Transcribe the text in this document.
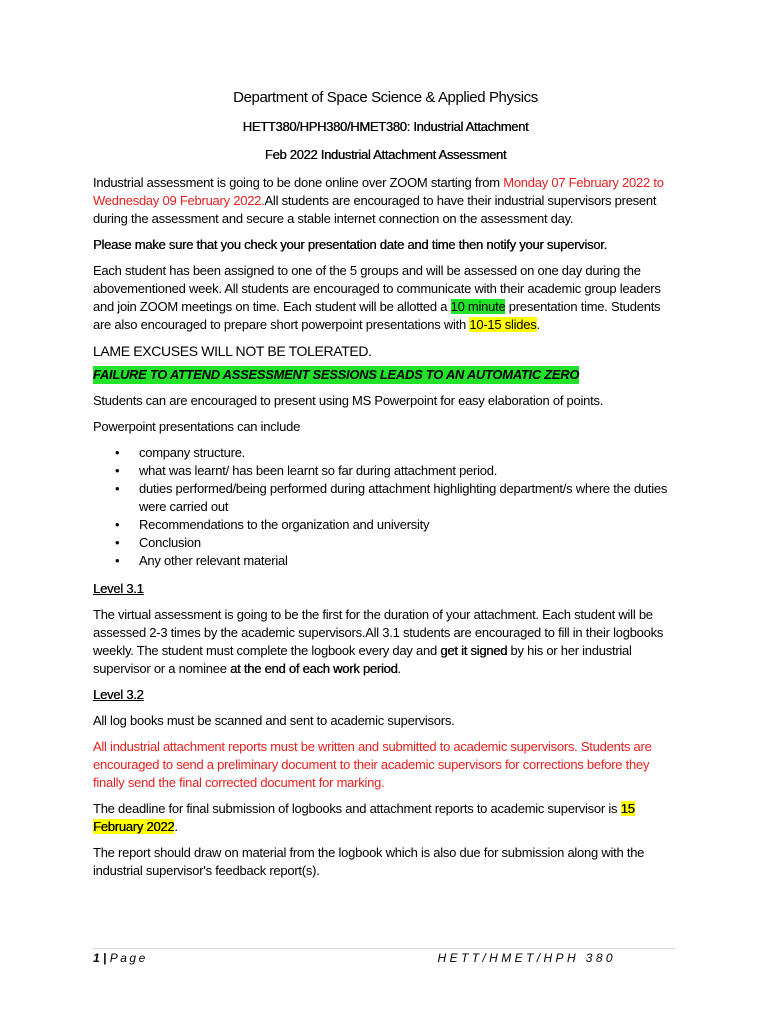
Department of Space Science & Applied Physics
HETT380/HPH380/HMET380: Industrial Attachment
Feb 2022 Industrial Attachment Assessment

Industrial assessment is going to be done online over ZOOM starting from Monday 07 February 2022 to Wednesday 09 February 2022.All students are encouraged to have their industrial supervisors present during the assessment and secure a stable internet connection on the assessment day.

Please make sure that you check your presentation date and time then notify your supervisor.

Each student has been assigned to one of the 5 groups and will be assessed on one day during the abovementioned week. All students are encouraged to communicate with their academic group leaders and join ZOOM meetings on time. Each student will be allotted a 10 minute presentation time. Students are also encouraged to prepare short powerpoint presentations with 10-15 slides.

LAME EXCUSES WILL NOT BE TOLERATED.

FAILURE TO ATTEND ASSESSMENT SESSIONS LEADS TO AN AUTOMATIC ZERO

Students can are encouraged to present using MS Powerpoint for easy elaboration of points.

Powerpoint presentations can include

• company structure.
• what was learnt/ has been learnt so far during attachment period.
• duties performed/being performed during attachment highlighting department/s where the duties were carried out
• Recommendations to the organization and university
• Conclusion
• Any other relevant material

Level 3.1

The virtual assessment is going to be the first for the duration of your attachment. Each student will be assessed 2-3 times by the academic supervisors.All 3.1 students are encouraged to fill in their logbooks weekly. The student must complete the logbook every day and get it signed by his or her industrial supervisor or a nominee at the end of each work period.

Level 3.2

All log books must be scanned and sent to academic supervisors.

All industrial attachment reports must be written and submitted to academic supervisors. Students are encouraged to send a preliminary document to their academic supervisors for corrections before they finally send the final corrected document for marking.

The deadline for final submission of logbooks and attachment reports to academic supervisor is 15 February 2022.

The report should draw on material from the logbook which is also due for submission along with the industrial supervisor's feedback report(s).

1 | Page	HETT/HMET/HPH 380
